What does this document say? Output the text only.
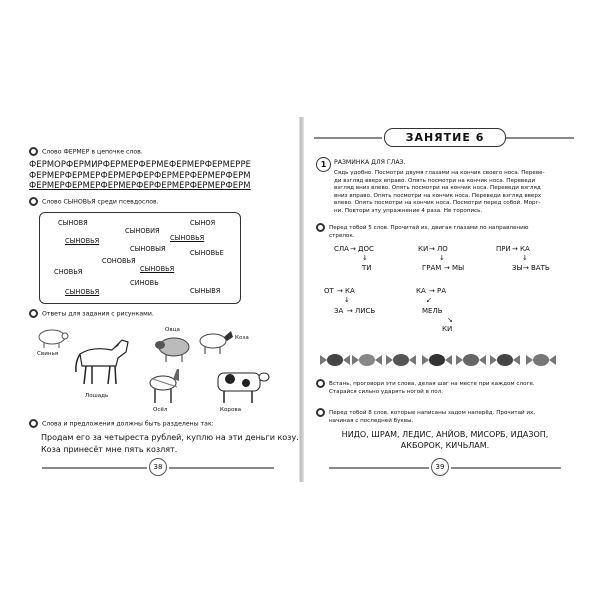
Слово ФЕРМЕР в цепочке слов.
ФЕРМОРФЕРМИРФЕРМЕРФЕРМЕФЕРМЕРФЕРМЕРРЕ
ФЕРМЕРФЕРМЕРФЕРМЕРФЕРФЕРМЕРФЕРМЕРФЕРМ
ФЕРМЕРФЕРМЕРФЕРМЕРФЕРФЕРМЕРФЕРМЕРФЕРМ
Слово СЫНОВЬЯ среди псевдослов.
СЫНОВЯ
СЫНОВИЯ
СЫНОЯ
СЫНОВЬЯ	СЫНОВЬЯ
СЫНОВЫЯ	СЫНОВЬЕ
СОНОВЬЯ
СНОВЬЯ	СЫНОВЬЯ
СЫНОВЬЯ
СИНОВЬ
СЫНЫВЯ
Ответы для задания с рисунками.
Свинья
Лошадь
Овца
Коза
Осёл	Корова
Слова и предложения должны быть разделены так:
Продам его за четыреста рублей, куплю на эти деньги козу.
Коза принесёт мне пять козлят.
38
ЗАНЯТИЕ 6
1	РАЗМИНКА ДЛЯ ГЛАЗ.
Сядь удобно. Посмотри двумя глазами на кончик своего носа. Переве-
ди взгляд вверх вправо. Опять посмотри на кончик носа. Переведи
взгляд вниз влево. Опять посмотри на кончик носа. Переведи взгляд
вниз вправо. Опять посмотри на кончик носа. Переведи взгляд вверх
влево. Опять посмотри на кончик носа. Посмотри перед собой. Морг-
ни. Повтори эту упражнение 4 раза. Не торопись.
Перед тобой 5 слов. Прочитай их, двигая глазами по направлению
стрелок.
СЛА → ДОС
↓
ТИ
КИ → ЛО
↓
ГРАМ → МЫ
ПРИ → КА
↓
ЗЫ → ВАТЬ
ОТ → КА
↓
ЗА → ЛИСЬ
КА → РА
↙
МЕЛЬ
↘
КИ
Встань, проговори эти слова, делая шаг на месте при каждом слоге.
Старайся сильно ударять ногой в пол.
Перед тобой 8 слов, которые написаны задом наперёд. Прочитай их,
начиная с последней буквы.
НИДО, ШРАМ, ЛЕДИС, АНЙОВ, МИСОРБ, ИДАЗОП,
АКБОРОК, КИЧЬЛАМ.
39
